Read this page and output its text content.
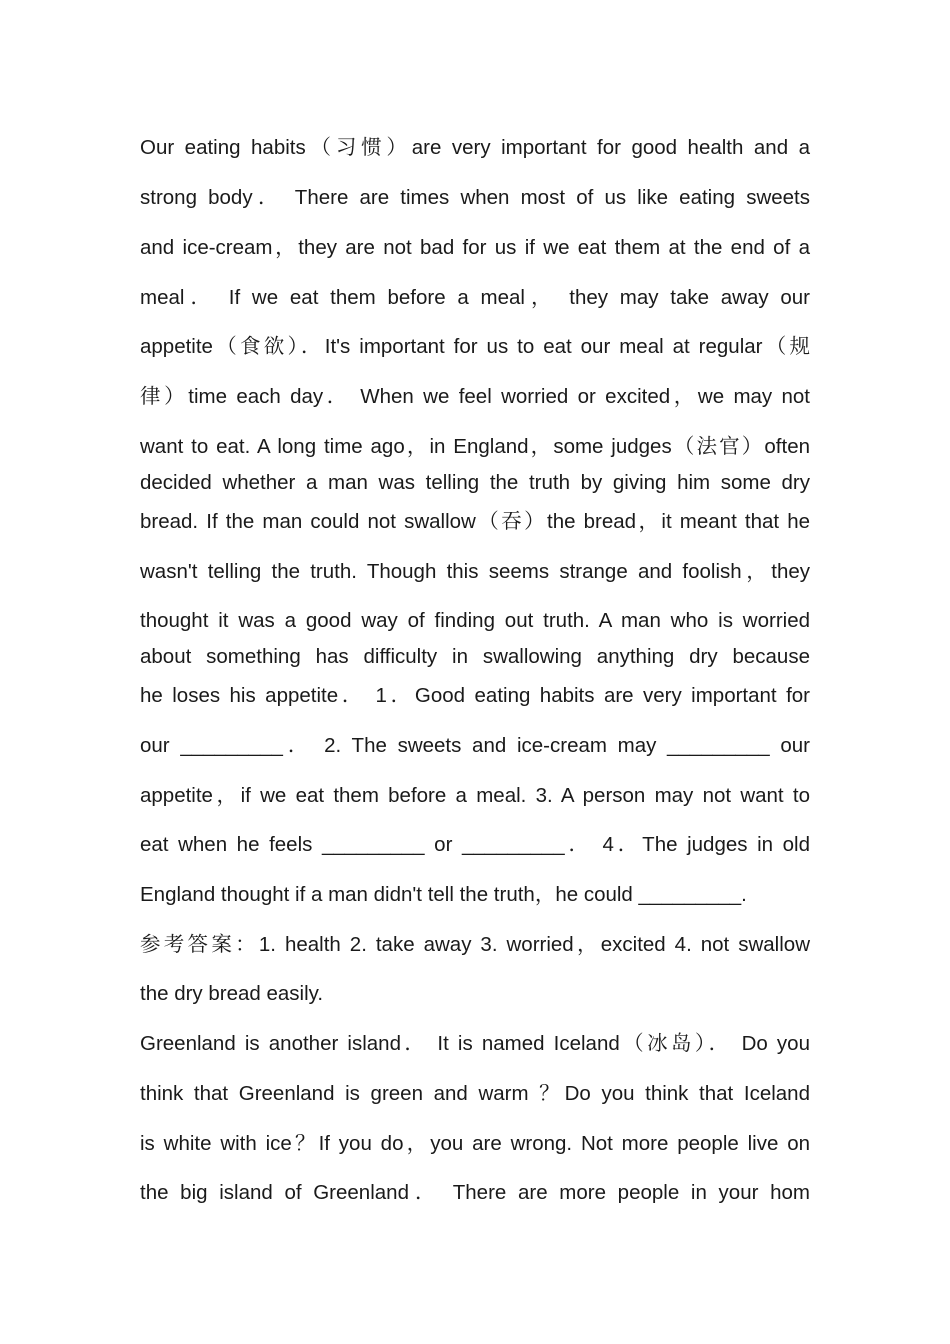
Our eating habits（习惯）are very important for good health and a
strong body． There are times when most of us like eating sweets
and ice-cream，they are not bad for us if we eat them at the end of a
meal． If we eat them before a meal， they may take away our
appetite（食欲）．It's important for us to eat our meal at regular（规
律）time each day． When we feel worried or excited，we may not
want to eat. A long time ago，in England，some judges（法官）often
decided whether a man was telling the truth by giving him some dry
bread. If the man could not swallow（吞）the bread，it meant that he
wasn't telling the truth. Though this seems strange and foolish，they
thought it was a good way of finding out truth. A man who is worried
about something has difficulty in swallowing anything dry because
he loses his appetite． 1．Good eating habits are very important for
our _________． 2. The sweets and ice-cream may _________ our
appetite，if we eat them before a meal. 3. A person may not want to
eat when he feels _________ or _________． 4．The judges in old
England thought if a man didn't tell the truth，he could _________.
参考答案：1. health 2. take away 3. worried，excited 4. not swallow
the dry bread easily.
Greenland is another island． It is named Iceland（冰岛）． Do you
think that Greenland is green and warm ？Do you think that Iceland
is white with ice？If you do，you are wrong. Not more people live on
the big island of Greenland． There are more people in your hom
